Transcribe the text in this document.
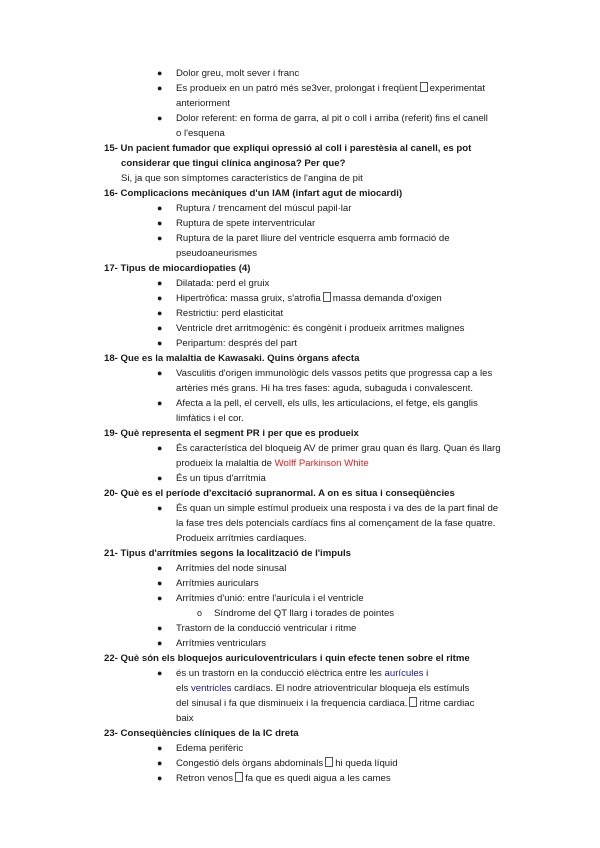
● Dolor greu, molt sever i franc
● Es produeix en un patró més se3ver, prolongat i freqüent experimentat
anteriorment
● Dolor referent: en forma de garra, al pit o coll i arriba (referit) fins el canell
o l'esquena
15- Un pacient fumador que expliqui opressió al coll i parestèsia al canell, es pot
considerar que tingui clínica anginosa? Per que?
Si, ja que son símptomes característics de l'angina de pit
16- Complicacions mecàniques d'un IAM (infart agut de miocardi)
● Ruptura / trencament del múscul papil·lar
● Ruptura de spete interventricular
● Ruptura de la paret lliure del ventricle esquerra amb formació de
pseudoaneurismes
17- Tipus de miocardiopaties (4)
● Dilatada: perd el gruix
● Hipertròfica: massa gruix, s'atrofia massa demanda d'oxigen
● Restrictiu: perd elasticitat
● Ventricle dret arritmogènic: és congènit i produeix arritmes malignes
● Peripartum: després del part
18- Que es la malaltia de Kawasaki. Quins òrgans afecta
● Vasculitis d'origen immunològic dels vassos petits que progressa cap a les
artèries més grans. Hi ha tres fases: aguda, subaguda i convalescent.
● Afecta a la pell, el cervell, els ulls, les articulacions, el fetge, els ganglis
limfàtics i el cor.
19- Què representa el segment PR i per que es produeix
● És característica del bloqueig AV de primer grau quan és llarg. Quan és llarg
produeix la malaltia de Wolff Parkinson White
● És un tipus d'arrítmia
20- Què es el període d'excitació supranormal. A on es situa i conseqüències
● És quan un simple estímul produeix una resposta i va des de la part final de
la fase tres dels potencials cardíacs fins al començament de la fase quatre.
Produeix arrítmies cardíaques.
21- Tipus d'arrítmies segons la localització de l'impuls
● Arrítmies del node sinusal
● Arrítmies auriculars
● Arrítmies d'unió: entre l'aurícula i el ventricle
o Síndrome del QT llarg i torades de pointes
● Trastorn de la conducció ventricular i ritme
● Arrítmies ventriculars
22- Què són els bloquejos auriculoventriculars i quin efecte tenen sobre el ritme
● és un trastorn en la conducció elèctrica entre les aurícules i
els ventricles cardíacs. El nodre atrioventricular bloqueja els estímuls
del sinusal i fa que disminueix i la frequencia cardiaca. ritme cardiac
baix
23- Conseqüències clíniques de la IC dreta
● Edema perifèric
● Congestió dels òrgans abdominals hi queda líquid
● Retron venos fa que es quedi aigua a les cames
